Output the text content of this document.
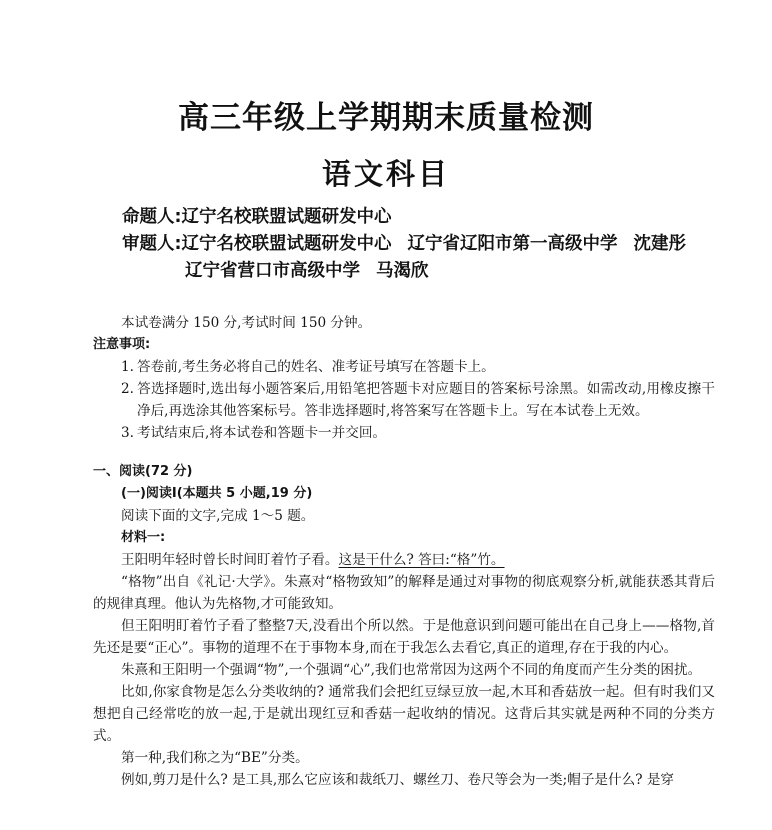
高三年级上学期期末质量检测
语文科目
命题人:辽宁名校联盟试题研发中心
审题人:辽宁名校联盟试题研发中心 辽宁省辽阳市第一高级中学 沈建彤
辽宁省营口市高级中学 马渴欣

本试卷满分 150 分,考试时间 150 分钟。

注意事项:

1. 答卷前,考生务必将自己的姓名、准考证号填写在答题卡上。

2. 答选择题时,选出每小题答案后,用铅笔把答题卡对应题目的答案标号涂黑。如需改动,用橡皮擦干净后,再选涂其他答案标号。答非选择题时,将答案写在答题卡上。写在本试卷上无效。

3. 考试结束后,将本试卷和答题卡一并交回。

一、阅读(72 分)

(一)阅读Ⅰ(本题共 5 小题,19 分)

阅读下面的文字,完成 1～5 题。

材料一:

王阳明年轻时曾长时间盯着竹子看。这是干什么? 答曰:“格”竹。

“格物”出自《礼记·大学》。朱熹对“格物致知”的解释是通过对事物的彻底观察分析,就能获悉其背后的规律真理。他认为先格物,才可能致知。

但王阳明盯着竹子看了整整7天,没看出个所以然。于是他意识到问题可能出在自己身上——格物,首先还是要“正心”。事物的道理不在于事物本身,而在于我怎么去看它,真正的道理,存在于我的内心。

朱熹和王阳明一个强调“物”,一个强调“心”,我们也常常因为这两个不同的角度而产生分类的困扰。

比如,你家食物是怎么分类收纳的? 通常我们会把红豆绿豆放一起,木耳和香菇放一起。但有时我们又想把自己经常吃的放一起,于是就出现红豆和香菇一起收纳的情况。这背后其实就是两种不同的分类方式。

第一种,我们称之为“BE”分类。

例如,剪刀是什么? 是工具,那么它应该和裁纸刀、螺丝刀、卷尺等会为一类;帽子是什么? 是穿
